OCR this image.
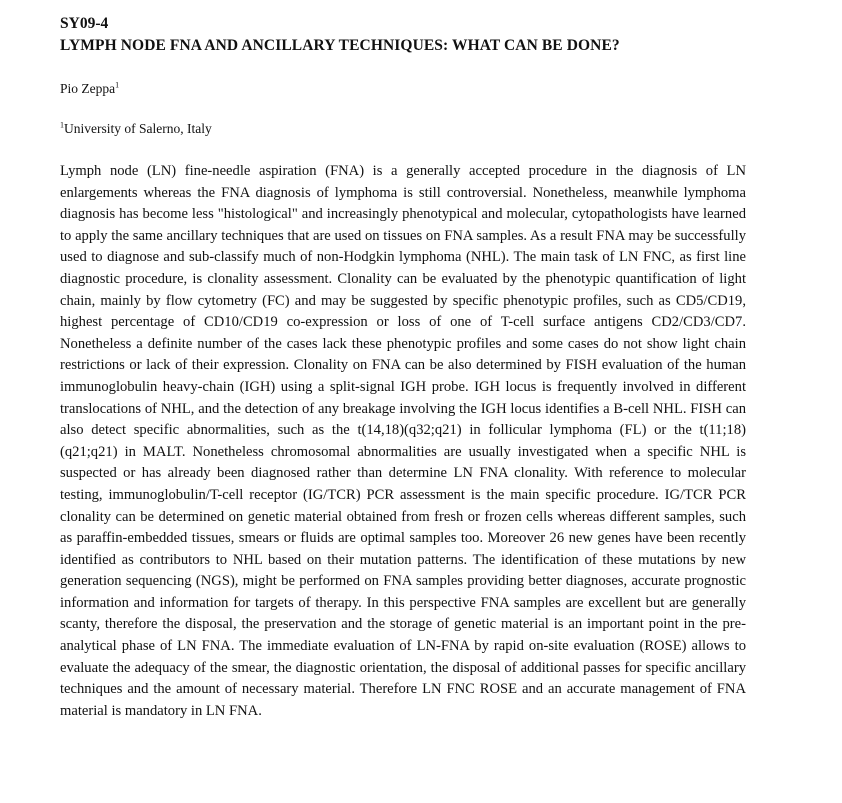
SY09-4

LYMPH NODE FNA AND ANCILLARY TECHNIQUES: WHAT CAN BE DONE?

Pio Zeppa$^1$

$^1$University of Salerno, Italy

Lymph node (LN) fine-needle aspiration (FNA) is a generally accepted procedure in the diagnosis of LN enlargements whereas the FNA diagnosis of lymphoma is still controversial. Nonetheless, meanwhile lymphoma diagnosis has become less "histological" and increasingly phenotypical and molecular, cytopathologists have learned to apply the same ancillary techniques that are used on tissues on FNA samples. As a result FNA may be successfully used to diagnose and sub-classify much of non-Hodgkin lymphoma (NHL). The main task of LN FNC, as first line diagnostic procedure, is clonality assessment. Clonality can be evaluated by the phenotypic quantification of light chain, mainly by flow cytometry (FC) and may be suggested by specific phenotypic profiles, such as CD5/CD19, highest percentage of CD10/CD19 co-expression or loss of one of T-cell surface antigens CD2/CD3/CD7. Nonetheless a definite number of the cases lack these phenotypic profiles and some cases do not show light chain restrictions or lack of their expression. Clonality on FNA can be also determined by FISH evaluation of the human immunoglobulin heavy-chain (IGH) using a split-signal IGH probe. IGH locus is frequently involved in different translocations of NHL, and the detection of any breakage involving the IGH locus identifies a B-cell NHL. FISH can also detect specific abnormalities, such as the t(14,18)(q32;q21) in follicular lymphoma (FL) or the t(11;18)(q21;q21) in MALT. Nonetheless chromosomal abnormalities are usually investigated when a specific NHL is suspected or has already been diagnosed rather than determine LN FNA clonality. With reference to molecular testing, immunoglobulin/T-cell receptor (IG/TCR) PCR assessment is the main specific procedure. IG/TCR PCR clonality can be determined on genetic material obtained from fresh or frozen cells whereas different samples, such as paraffin-embedded tissues, smears or fluids are optimal samples too. Moreover 26 new genes have been recently identified as contributors to NHL based on their mutation patterns. The identification of these mutations by new generation sequencing (NGS), might be performed on FNA samples providing better diagnoses, accurate prognostic information and information for targets of therapy. In this perspective FNA samples are excellent but are generally scanty, therefore the disposal, the preservation and the storage of genetic material is an important point in the pre-analytical phase of LN FNA. The immediate evaluation of LN-FNA by rapid on-site evaluation (ROSE) allows to evaluate the adequacy of the smear, the diagnostic orientation, the disposal of additional passes for specific ancillary techniques and the amount of necessary material. Therefore LN FNC ROSE and an accurate management of FNA material is mandatory in LN FNA.
